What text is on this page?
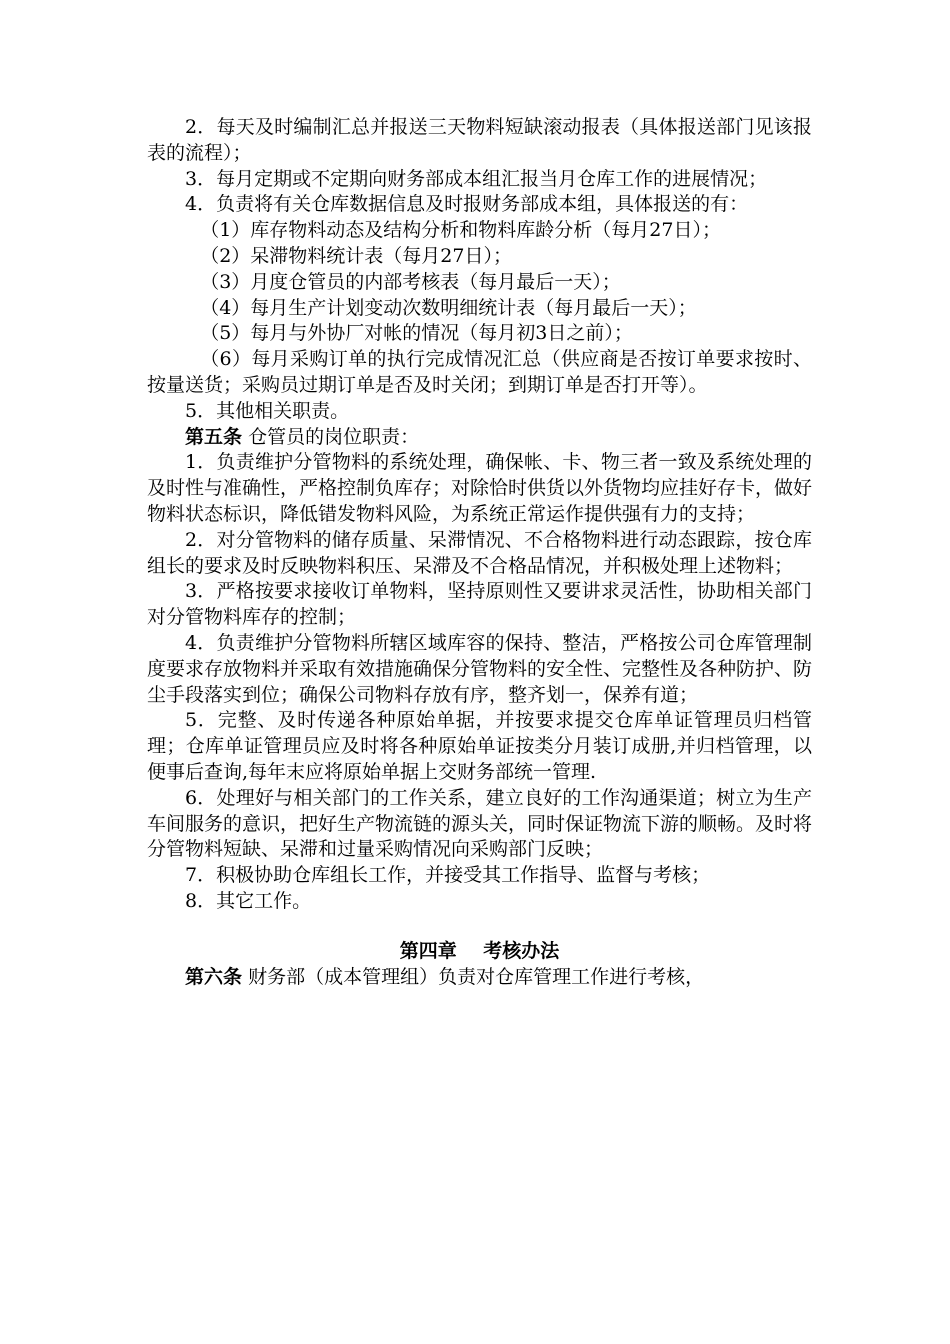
2．每天及时编制汇总并报送三天物料短缺滚动报表（具体报送部门见该报表的流程）；

3．每月定期或不定期向财务部成本组汇报当月仓库工作的进展情况；

4．负责将有关仓库数据信息及时报财务部成本组，具体报送的有：

（1）库存物料动态及结构分析和物料库龄分析（每月27日）；

（2）呆滞物料统计表（每月27日）；

（3）月度仓管员的内部考核表（每月最后一天）；

（4）每月生产计划变动次数明细统计表（每月最后一天）；

（5）每月与外协厂对帐的情况（每月初3日之前）；

（6）每月采购订单的执行完成情况汇总（供应商是否按订单要求按时、按量送货；采购员过期订单是否及时关闭；到期订单是否打开等）。

5．其他相关职责。

第五条 仓管员的岗位职责：

1．负责维护分管物料的系统处理，确保帐、卡、物三者一致及系统处理的及时性与准确性，严格控制负库存；对除恰时供货以外货物均应挂好存卡，做好物料状态标识，降低错发物料风险，为系统正常运作提供强有力的支持；

2．对分管物料的储存质量、呆滞情况、不合格物料进行动态跟踪，按仓库组长的要求及时反映物料积压、呆滞及不合格品情况，并积极处理上述物料；

3．严格按要求接收订单物料，坚持原则性又要讲求灵活性，协助相关部门对分管物料库存的控制；

4．负责维护分管物料所辖区域库容的保持、整洁，严格按公司仓库管理制度要求存放物料并采取有效措施确保分管物料的安全性、完整性及各种防护、防尘手段落实到位；确保公司物料存放有序，整齐划一，保养有道；

5．完整、及时传递各种原始单据，并按要求提交仓库单证管理员归档管理；仓库单证管理员应及时将各种原始单证按类分月装订成册,并归档管理，以便事后查询,每年末应将原始单据上交财务部统一管理.

6．处理好与相关部门的工作关系，建立良好的工作沟通渠道；树立为生产车间服务的意识，把好生产物流链的源头关，同时保证物流下游的顺畅。及时将分管物料短缺、呆滞和过量采购情况向采购部门反映；

7．积极协助仓库组长工作，并接受其工作指导、监督与考核；

8．其它工作。

第四章 考核办法

第六条 财务部（成本管理组）负责对仓库管理工作进行考核，
